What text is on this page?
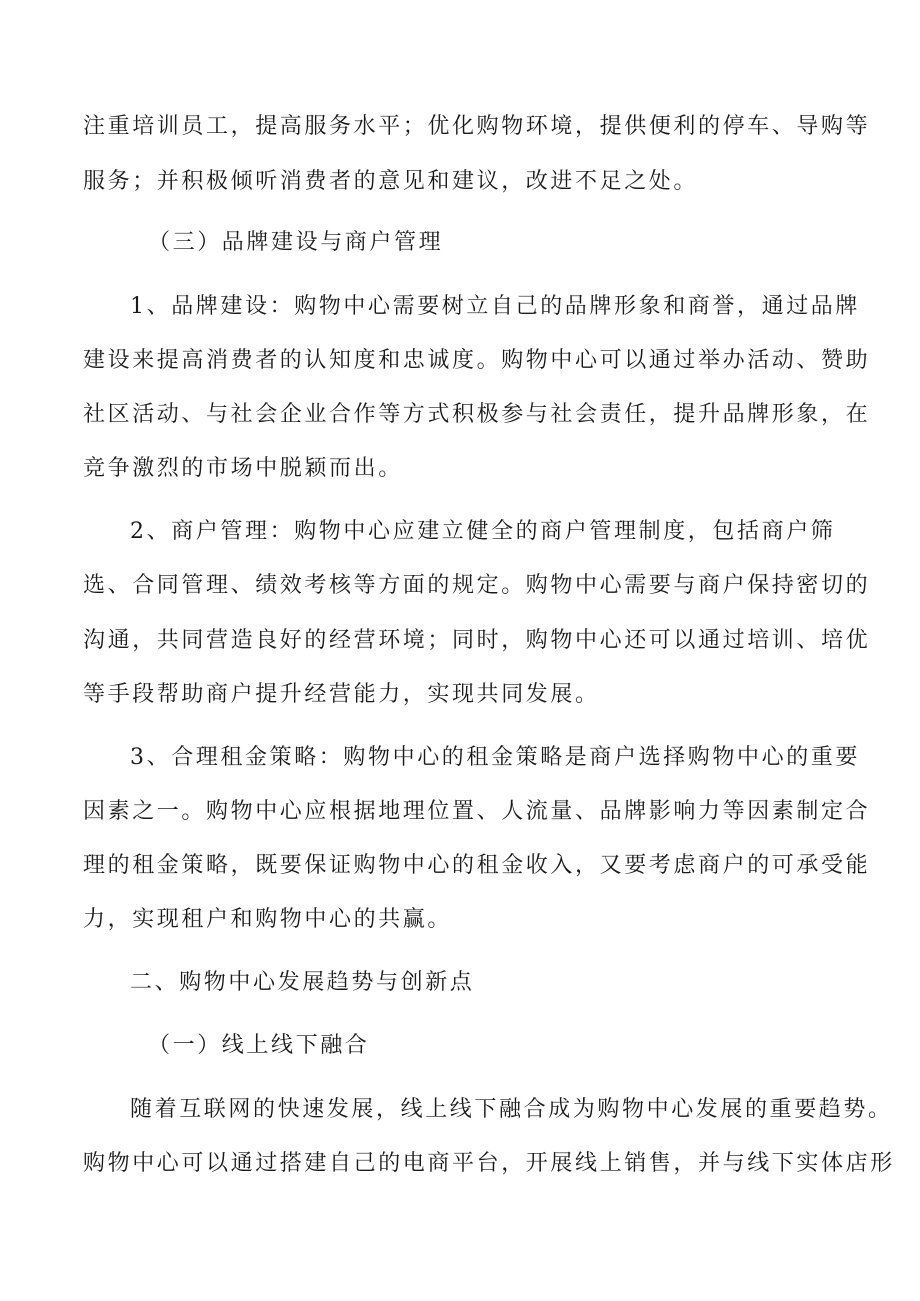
注重培训员工，提高服务水平；优化购物环境，提供便利的停车、导购等
服务；并积极倾听消费者的意见和建议，改进不足之处。
（三）品牌建设与商户管理
1、品牌建设：购物中心需要树立自己的品牌形象和商誉，通过品牌
建设来提高消费者的认知度和忠诚度。购物中心可以通过举办活动、赞助
社区活动、与社会企业合作等方式积极参与社会责任，提升品牌形象，在
竞争激烈的市场中脱颖而出。
2、商户管理：购物中心应建立健全的商户管理制度，包括商户筛
选、合同管理、绩效考核等方面的规定。购物中心需要与商户保持密切的
沟通，共同营造良好的经营环境；同时，购物中心还可以通过培训、培优
等手段帮助商户提升经营能力，实现共同发展。
3、合理租金策略：购物中心的租金策略是商户选择购物中心的重要
因素之一。购物中心应根据地理位置、人流量、品牌影响力等因素制定合
理的租金策略，既要保证购物中心的租金收入，又要考虑商户的可承受能
力，实现租户和购物中心的共赢。
二、购物中心发展趋势与创新点
（一）线上线下融合
随着互联网的快速发展，线上线下融合成为购物中心发展的重要趋势。
购物中心可以通过搭建自己的电商平台，开展线上销售，并与线下实体店形
